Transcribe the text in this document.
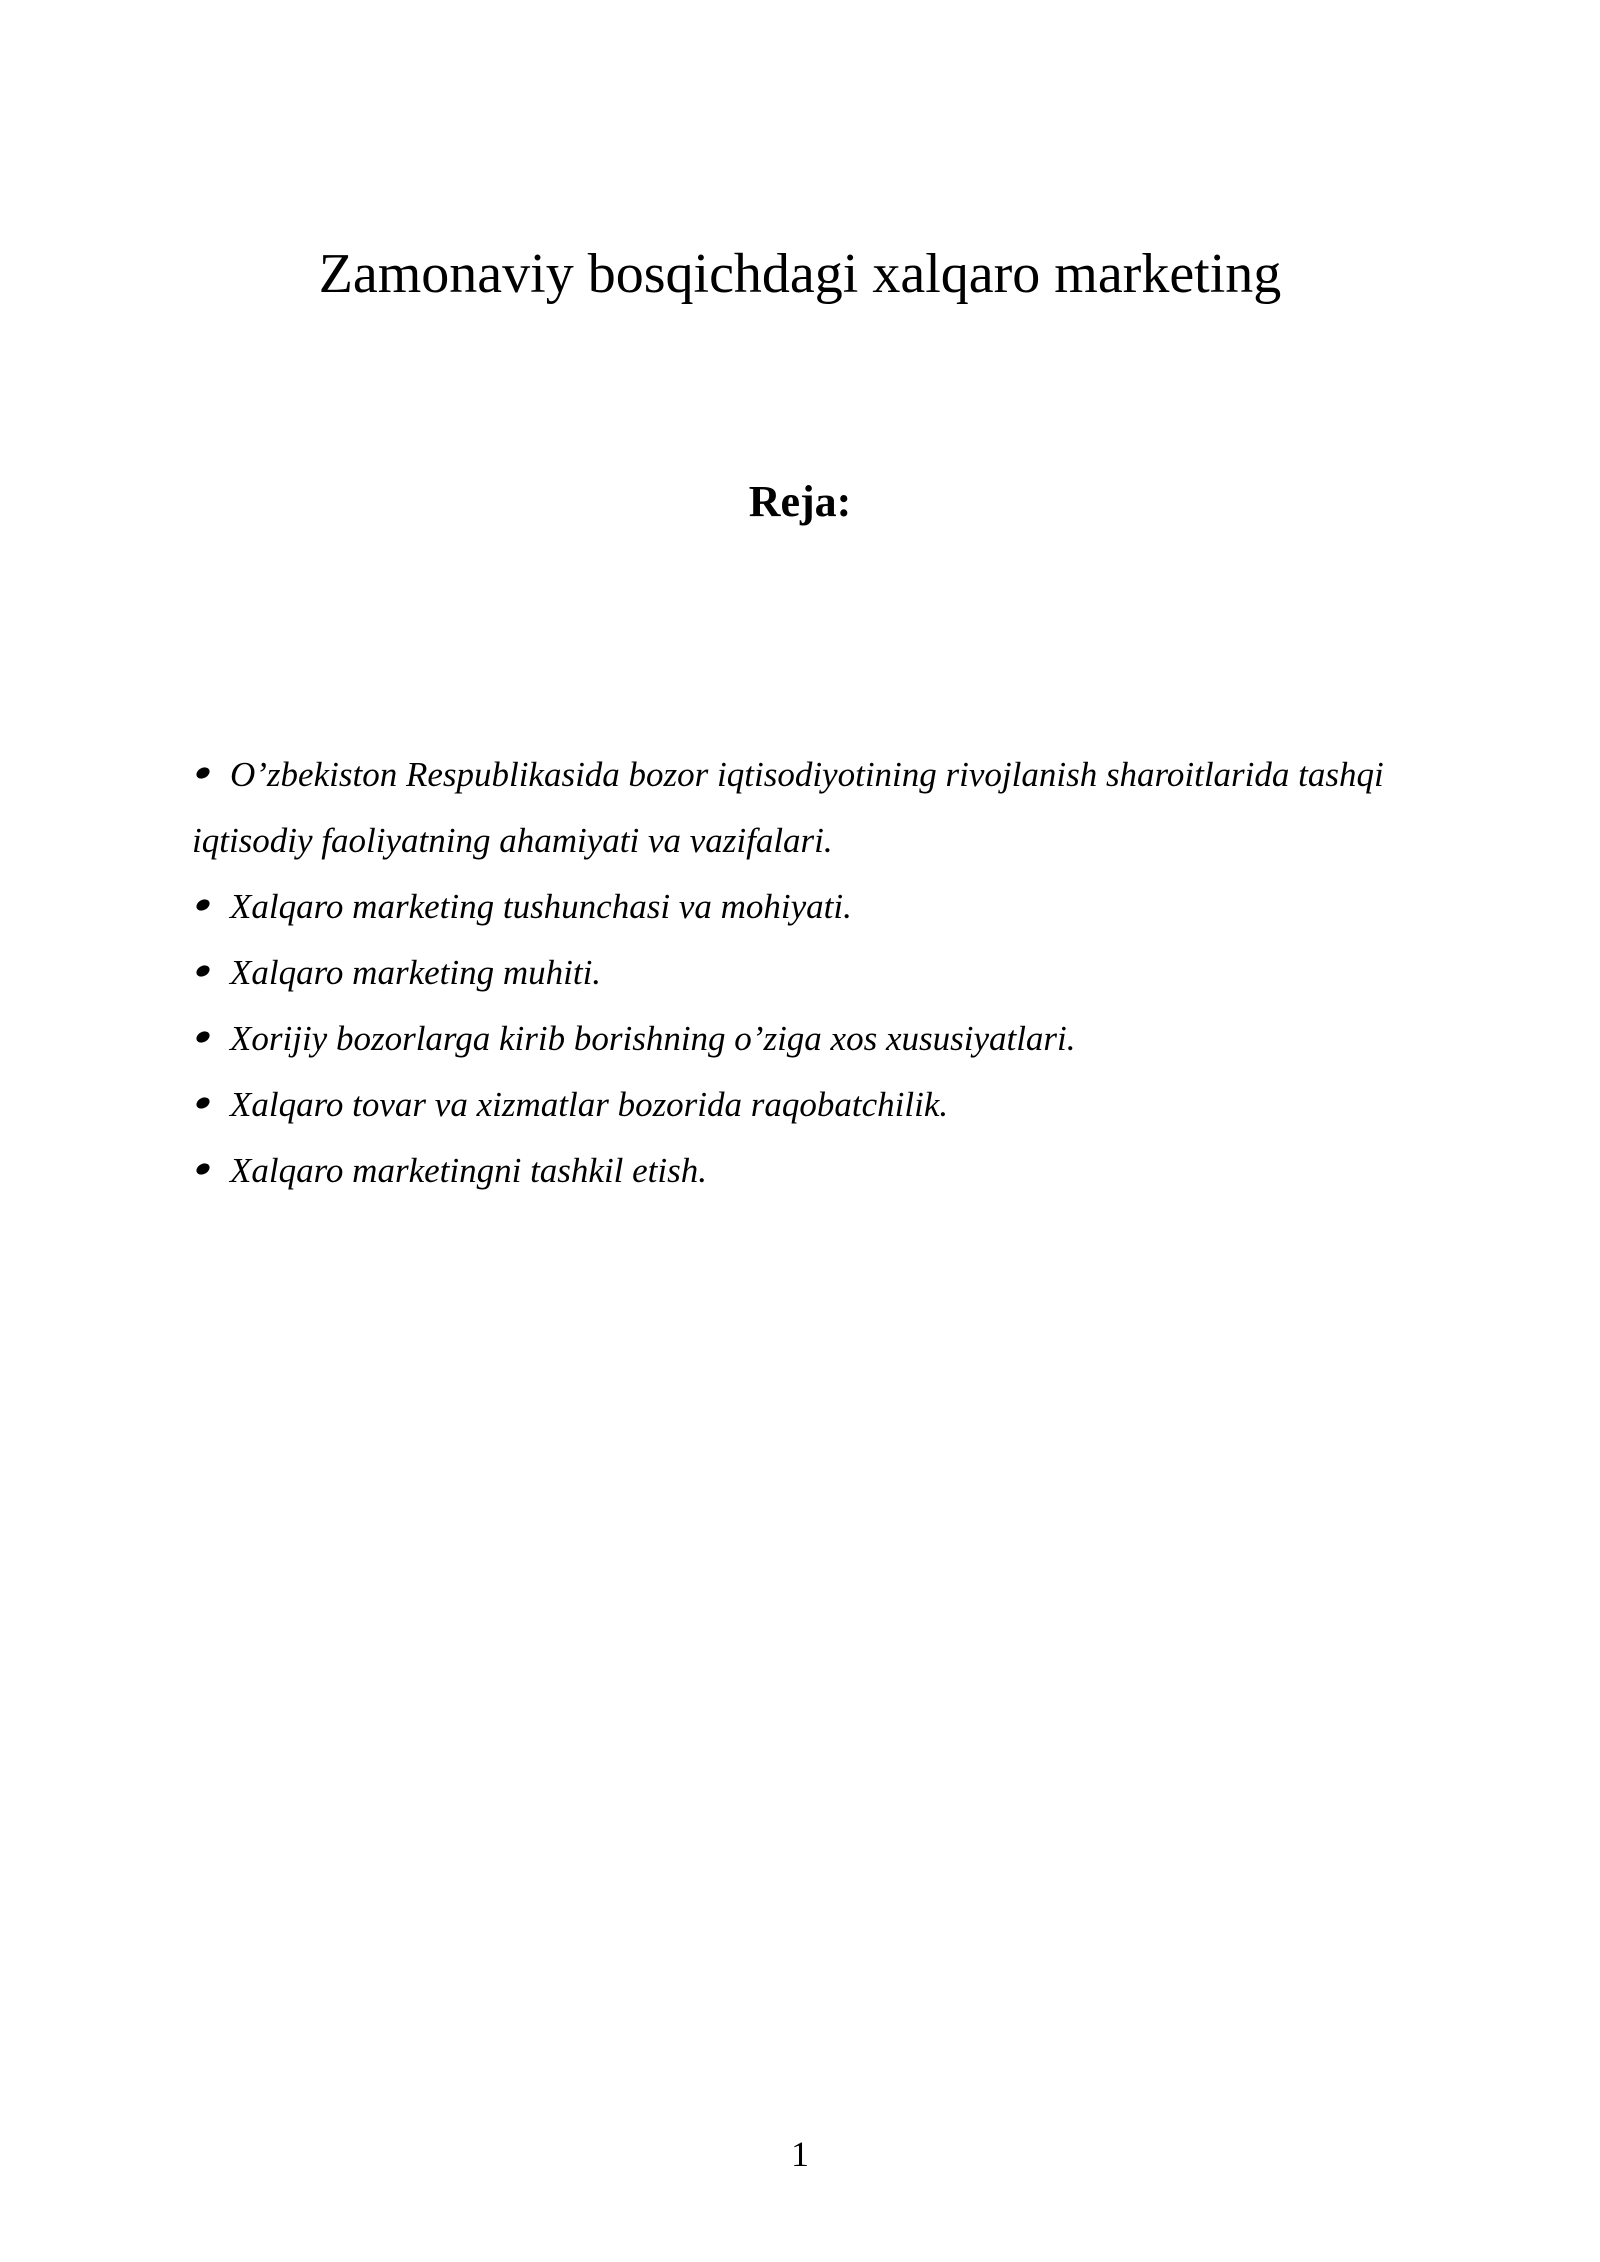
Zamonaviy bosqichdagi xalqaro marketing
Reja:
O’zbekiston Respublikasida bozor iqtisodiyotining rivojlanish sharoitlarida tashqi iqtisodiy faoliyatning ahamiyati va vazifalari.
Xalqaro marketing tushunchasi va mohiyati.
Xalqaro marketing muhiti.
Xorijiy bozorlarga kirib borishning o’ziga xos xususiyatlari.
Xalqaro tovar va xizmatlar bozorida raqobatchilik.
Xalqaro marketingni tashkil etish.
1
